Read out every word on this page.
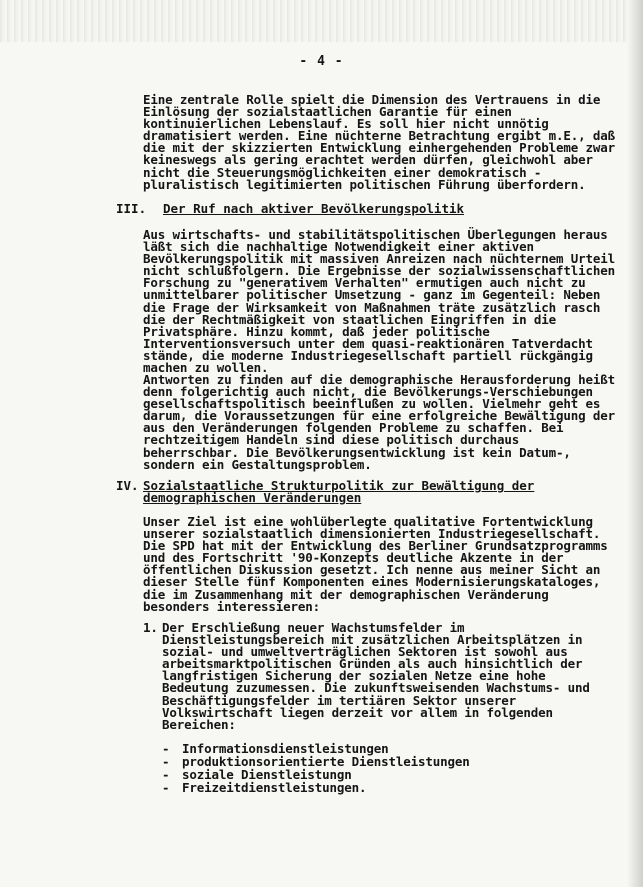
- 4 -
Eine zentrale Rolle spielt die Dimension des Vertrauens in die
Einlösung der sozialstaatlichen Garantie für einen
kontinuierlichen Lebenslauf. Es soll hier nicht unnötig
dramatisiert werden. Eine nüchterne Betrachtung ergibt m.E., daß
die mit der skizzierten Entwicklung einhergehenden Probleme zwar
keineswegs als gering erachtet werden dürfen, gleichwohl aber
nicht die Steuerungsmöglichkeiten einer demokratisch -
pluralistisch legitimierten politischen Führung überfordern.
III. Der Ruf nach aktiver Bevölkerungspolitik
Aus wirtschafts- und stabilitätspolitischen Überlegungen heraus
läßt sich die nachhaltige Notwendigkeit einer aktiven
Bevölkerungspolitik mit massiven Anreizen nach nüchternem Urteil
nicht schlußfolgern. Die Ergebnisse der sozialwissenschaftlichen
Forschung zu "generativem Verhalten" ermutigen auch nicht zu
unmittelbarer politischer Umsetzung - ganz im Gegenteil: Neben
die Frage der Wirksamkeit von Maßnahmen träte zusätzlich rasch
die der Rechtmäßigkeit von staatlichen Eingriffen in die
Privatsphäre. Hinzu kommt, daß jeder politische
Interventionsversuch unter dem quasi-reaktionären Tatverdacht
stände, die moderne Industriegesellschaft partiell rückgängig
machen zu wollen.
Antworten zu finden auf die demographische Herausforderung heißt
denn folgerichtig auch nicht, die Bevölkerungs-Verschiebungen
gesellschaftspolitisch beeinflußen zu wollen. Vielmehr geht es
darum, die Voraussetzungen für eine erfolgreiche Bewältigung der
aus den Veränderungen folgenden Probleme zu schaffen. Bei
rechtzeitigem Handeln sind diese politisch durchaus
beherrschbar. Die Bevölkerungsentwicklung ist kein Datum-,
sondern ein Gestaltungsproblem.
IV. Sozialstaatliche Strukturpolitik zur Bewältigung der
demographischen Veränderungen
Unser Ziel ist eine wohlüberlegte qualitative Fortentwicklung
unserer sozialstaatlich dimensionierten Industriegesellschaft.
Die SPD hat mit der Entwicklung des Berliner Grundsatzprogramms
und des Fortschritt '90-Konzepts deutliche Akzente in der
öffentlichen Diskussion gesetzt. Ich nenne aus meiner Sicht an
dieser Stelle fünf Komponenten eines Modernisierungskataloges,
die im Zusammenhang mit der demographischen Veränderung
besonders interessieren:
1. Der Erschließung neuer Wachstumsfelder im
Dienstleistungsbereich mit zusätzlichen Arbeitsplätzen in
sozial- und umweltverträglichen Sektoren ist sowohl aus
arbeitsmarktpolitischen Gründen als auch hinsichtlich der
langfristigen Sicherung der sozialen Netze eine hohe
Bedeutung zuzumessen. Die zukunftsweisenden Wachstums- und
Beschäftigungsfelder im tertiären Sektor unserer
Volkswirtschaft liegen derzeit vor allem in folgenden
Bereichen:
- Informationsdienstleistungen
- produktionsorientierte Dienstleistungen
- soziale Dienstleistungn
- Freizeitdienstleistungen.
